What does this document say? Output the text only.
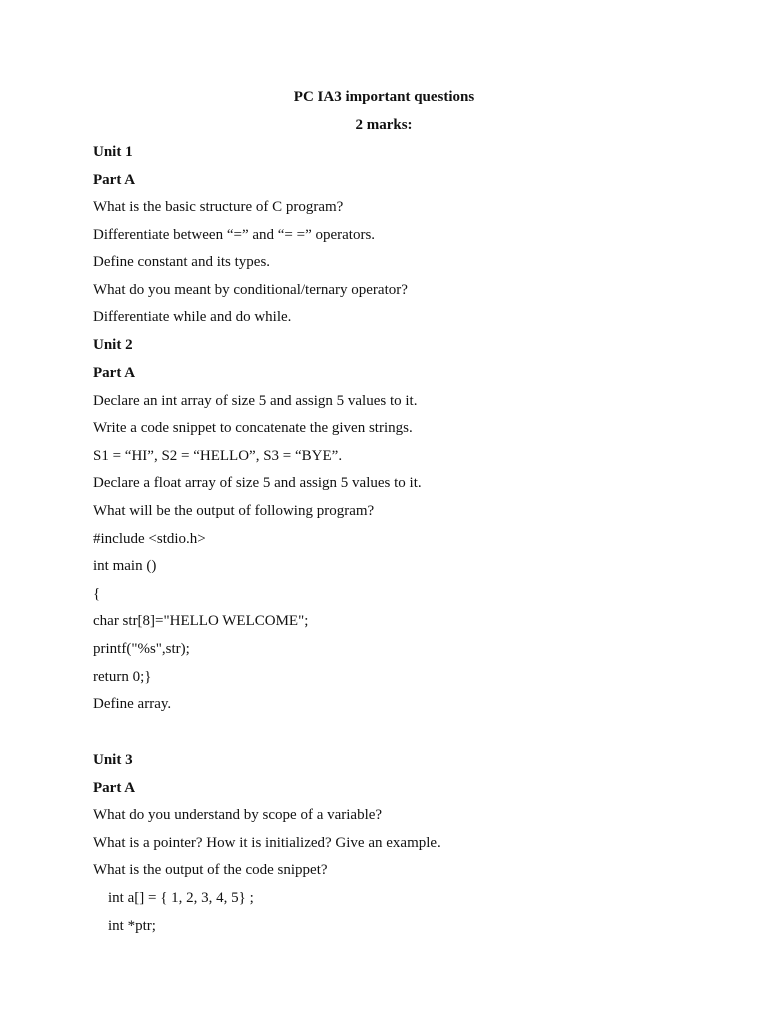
PC IA3 important questions
2 marks:
Unit 1
Part A
What is the basic structure of C program?
Differentiate between “=” and “= =” operators.
Define constant and its types.
What do you meant by conditional/ternary operator?
Differentiate while and do while.
Unit 2
Part A
Declare an int array of size 5 and assign 5 values to it.
Write a code snippet to concatenate the given strings.
S1 = “HI”, S2 = “HELLO”, S3 = “BYE”.
Declare a float array of size 5 and assign 5 values to it.
What will be the output of following program?
#include <stdio.h>
int main ()
{
char str[8]="HELLO WELCOME";
printf("%s",str);
return 0;}
Define array.
Unit 3
Part A
What do you understand by scope of a variable?
What is a pointer? How it is initialized? Give an example.
What is the output of the code snippet?
int a[] = { 1, 2, 3, 4, 5} ;
int *ptr;
